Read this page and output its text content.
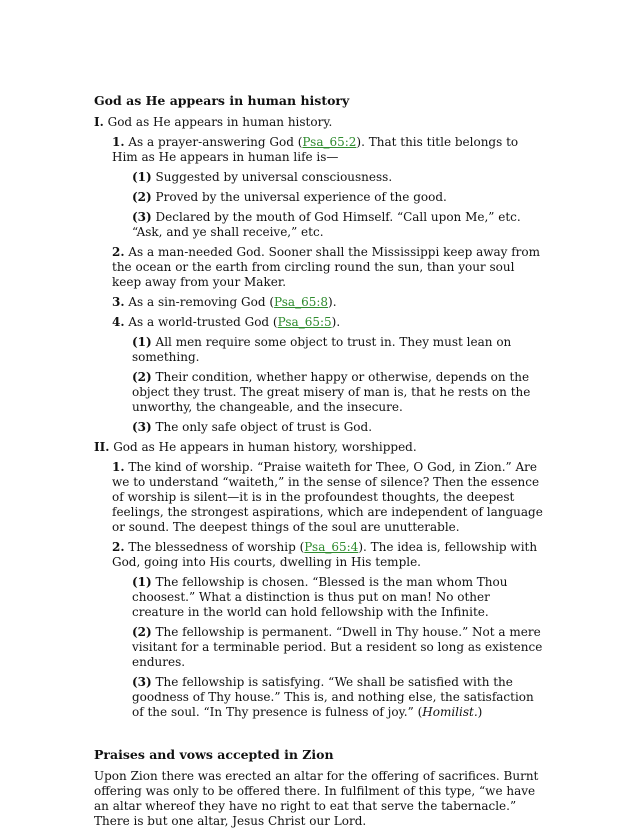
God as He appears in human history

I. God as He appears in human history.

1. As a prayer-answering God (Psa_65:2). That this title belongs to Him as He appears in human life is—

(1) Suggested by universal consciousness.

(2) Proved by the universal experience of the good.

(3) Declared by the mouth of God Himself. “Call upon Me,” etc. “Ask, and ye shall receive,” etc.

2. As a man-needed God. Sooner shall the Mississippi keep away from the ocean or the earth from circling round the sun, than your soul keep away from your Maker.

3. As a sin-removing God (Psa_65:8).

4. As a world-trusted God (Psa_65:5).

(1) All men require some object to trust in. They must lean on something.

(2) Their condition, whether happy or otherwise, depends on the object they trust. The great misery of man is, that he rests on the unworthy, the changeable, and the insecure.

(3) The only safe object of trust is God.

II. God as He appears in human history, worshipped.

1. The kind of worship. “Praise waiteth for Thee, O God, in Zion.” Are we to understand “waiteth,” in the sense of silence? Then the essence of worship is silent—it is in the profoundest thoughts, the deepest feelings, the strongest aspirations, which are independent of language or sound. The deepest things of the soul are unutterable.

2. The blessedness of worship (Psa_65:4). The idea is, fellowship with God, going into His courts, dwelling in His temple.

(1) The fellowship is chosen. “Blessed is the man whom Thou choosest.” What a distinction is thus put on man! No other creature in the world can hold fellowship with the Infinite.

(2) The fellowship is permanent. “Dwell in Thy house.” Not a mere visitant for a terminable period. But a resident so long as existence endures.

(3) The fellowship is satisfying. “We shall be satisfied with the goodness of Thy house.” This is, and nothing else, the satisfaction of the soul. “In Thy presence is fulness of joy.” (Homilist.)

Praises and vows accepted in Zion

Upon Zion there was erected an altar for the offering of sacrifices. Burnt offering was only to be offered there. In fulfilment of this type, “we have an altar whereof they have no right to eat that serve the tabernacle.” There is but one altar, Jesus Christ our Lord.
